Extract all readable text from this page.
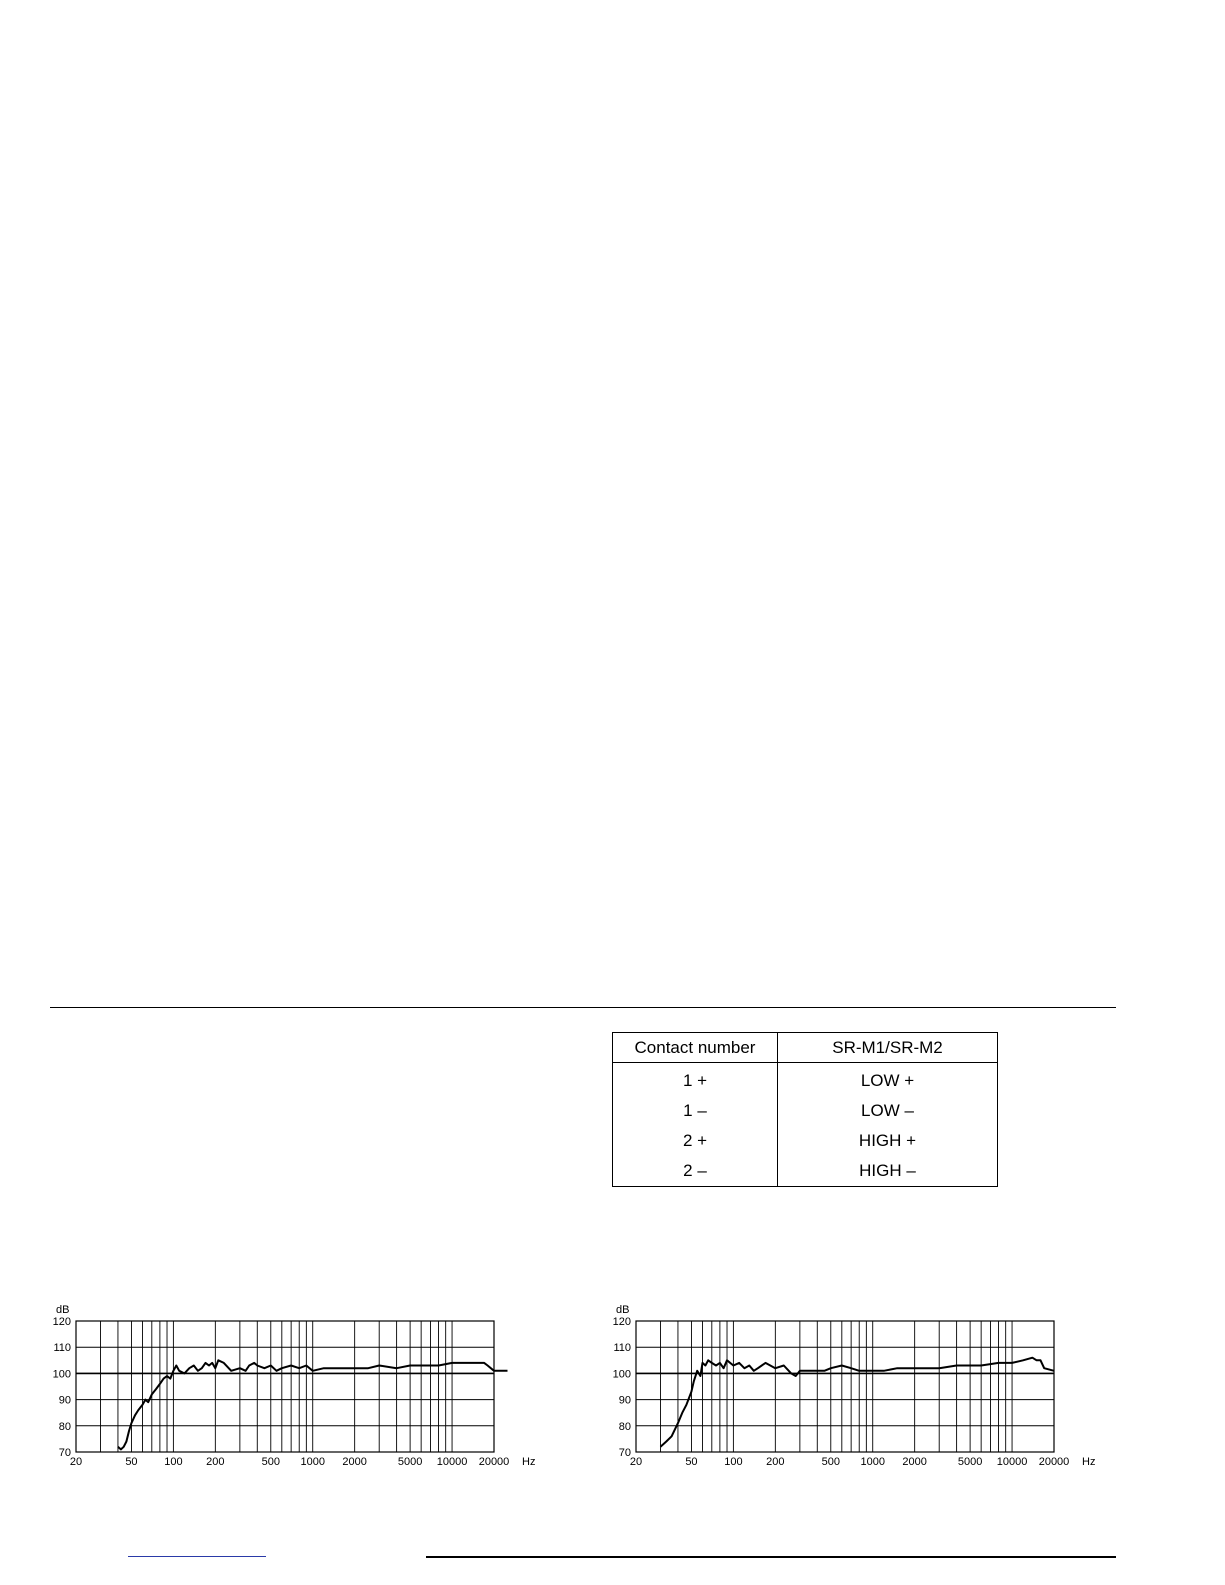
Contact number	SR-M1/SR-M2
1 +	LOW +
1 –	LOW –
2 +	HIGH +
2 –	HIGH –
70
80
90
100
110
120
dB
20	50 100 200	500 1000 2000	5000 10000 20000 Hz
70
80
90
100
110
120
dB
20	50 100 200	500 1000 2000	5000 10000 20000 Hz
